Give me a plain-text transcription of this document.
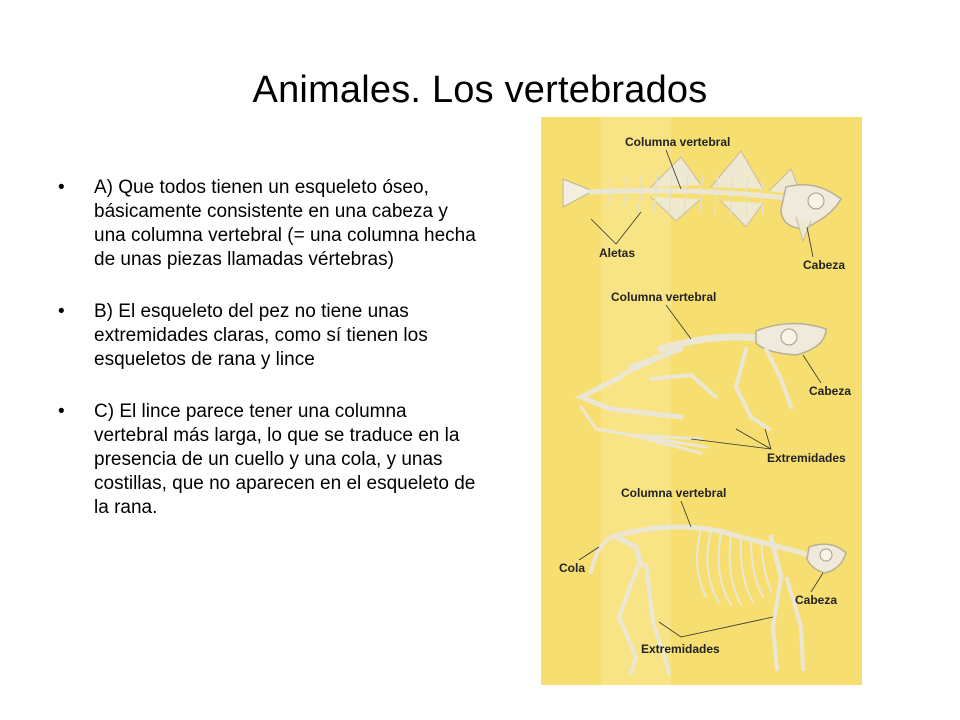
Animales. Los vertebrados
• A) Que todos tienen un esqueleto óseo, básicamente consistente en una cabeza y una columna vertebral (= una columna hecha de unas piezas llamadas vértebras)
• B) El esqueleto del pez no tiene unas extremidades claras, como sí tienen los esqueletos de rana y lince
• C) El lince parece tener una columna vertebral más larga, lo que se traduce en la presencia de un cuello y una cola, y unas costillas, que no aparecen en el esqueleto de la rana.
Columna vertebral
Aletas
Cabeza
Columna vertebral
Cabeza
Extremidades
Columna vertebral
Cola
Cabeza
Extremidades
